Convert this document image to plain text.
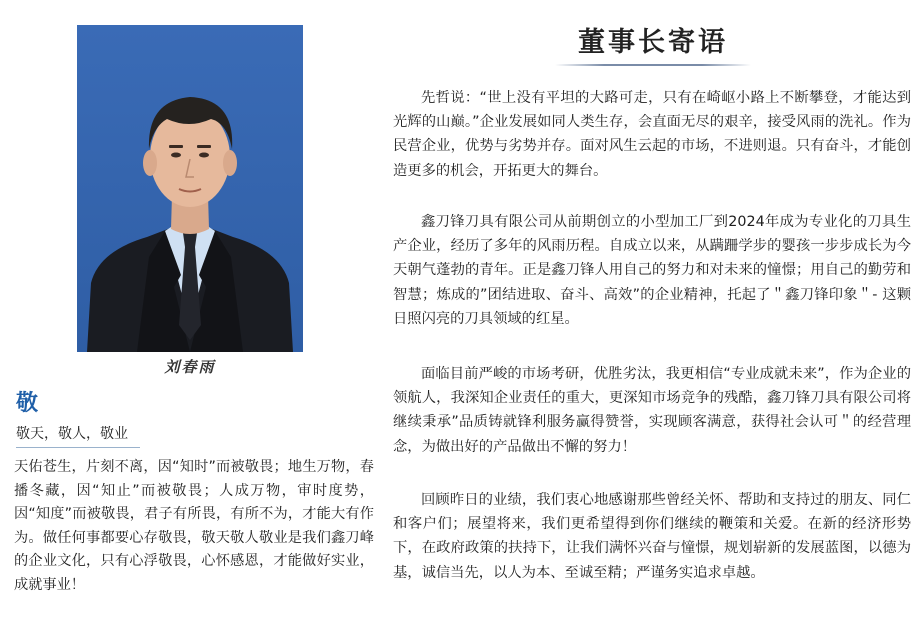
刘春雨
敬
敬天，敬人，敬业
天佑苍生，片刻不离，因“知时”而被敬畏；地生万物，春播冬藏，因“知止”而被敬畏；人成万物，审时度势，因“知度”而被敬畏，君子有所畏，有所不为，才能大有作为。做任何事都要心存敬畏，敬天敬人敬业是我们鑫刀峰的企业文化，只有心浮敬畏，心怀感恩，才能做好实业，成就事业！
董事长寄语

先哲说：“世上没有平坦的大路可走，只有在崎岖小路上不断攀登，才能达到光辉的山巅。”企业发展如同人类生存，会直面无尽的艰辛，接受风雨的洗礼。作为民营企业，优势与劣势并存。面对风生云起的市场，不进则退。只有奋斗，才能创造更多的机会，开拓更大的舞台。

鑫刀锋刀具有限公司从前期创立的小型加工厂到2024年成为专业化的刀具生产企业，经历了多年的风雨历程。自成立以来，从蹒跚学步的婴孩一步步成长为今天朝气蓬勃的青年。正是鑫刀锋人用自己的努力和对未来的憧憬；用自己的勤劳和智慧；炼成的”团结进取、奋斗、高效”的企业精神，托起了＂鑫刀锋印象＂- 这颗日照闪亮的刀具领域的红星。

面临目前严峻的市场考研，优胜劣汰，我更相信“专业成就未来”，作为企业的领航人，我深知企业责任的重大，更深知市场竞争的残酷，鑫刀锋刀具有限公司将继续秉承”品质铸就锋利服务赢得赞誉，实现顾客满意，获得社会认可＂的经营理念，为做出好的产品做出不懈的努力！

回顾昨日的业绩，我们衷心地感谢那些曾经关怀、帮助和支持过的朋友、同仁和客户们；展望将来，我们更希望得到你们继续的鞭策和关爱。在新的经济形势下，在政府政策的扶持下，让我们满怀兴奋与憧憬，规划崭新的发展蓝图，以德为基，诚信当先，以人为本、至诚至精；严谨务实追求卓越。
